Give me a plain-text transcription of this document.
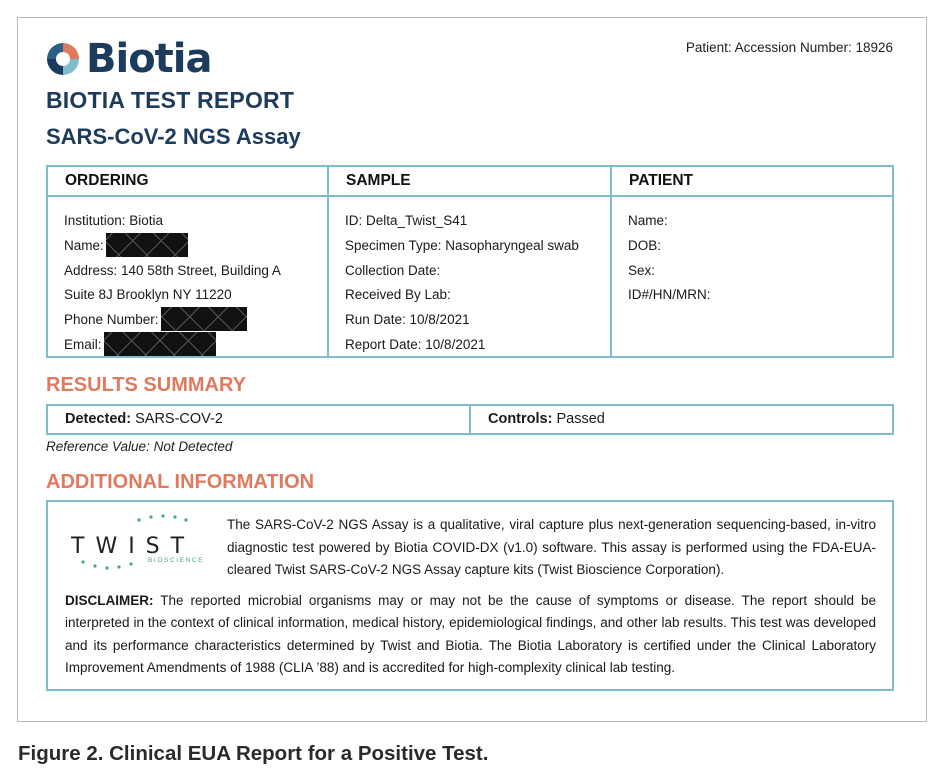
Biotia	Patient: Accession Number: 18926
BIOTIA TEST REPORT
SARS-CoV-2 NGS Assay
ORDERING
Institution: Biotia
Name:
Address: 140 58th Street, Building A
Suite 8J Brooklyn NY 11220
Phone Number:
Email:
SAMPLE
ID: Delta_Twist_S41
Specimen Type: Nasopharyngeal swab
Collection Date:
Received By Lab:
Run Date: 10/8/2021
Report Date: 10/8/2021
PATIENT
Name:
DOB:
Sex:
ID#/HN/MRN:
RESULTS SUMMARY
Detected: SARS-COV-2	Controls: Passed
Reference Value: Not Detected
ADDITIONAL INFORMATION
TWIST
BIOSCIENCE

The SARS-CoV-2 NGS Assay is a qualitative, viral capture plus next-generation sequencing-based, in-vitro diagnostic test powered by Biotia COVID-DX (v1.0) software. This assay is performed using the FDA-EUA-cleared Twist SARS-CoV-2 NGS Assay capture kits (Twist Bioscience Corporation).

DISCLAIMER: The reported microbial organisms may or may not be the cause of symptoms or disease. The report should be interpreted in the context of clinical information, medical history, epidemiological findings, and other lab results. This test was developed and its performance characteristics determined by Twist and Biotia. The Biotia Laboratory is certified under the Clinical Laboratory Improvement Amendments of 1988 (CLIA ’88) and is accredited for high-complexity clinical lab testing.

Figure 2. Clinical EUA Report for a Positive Test.
